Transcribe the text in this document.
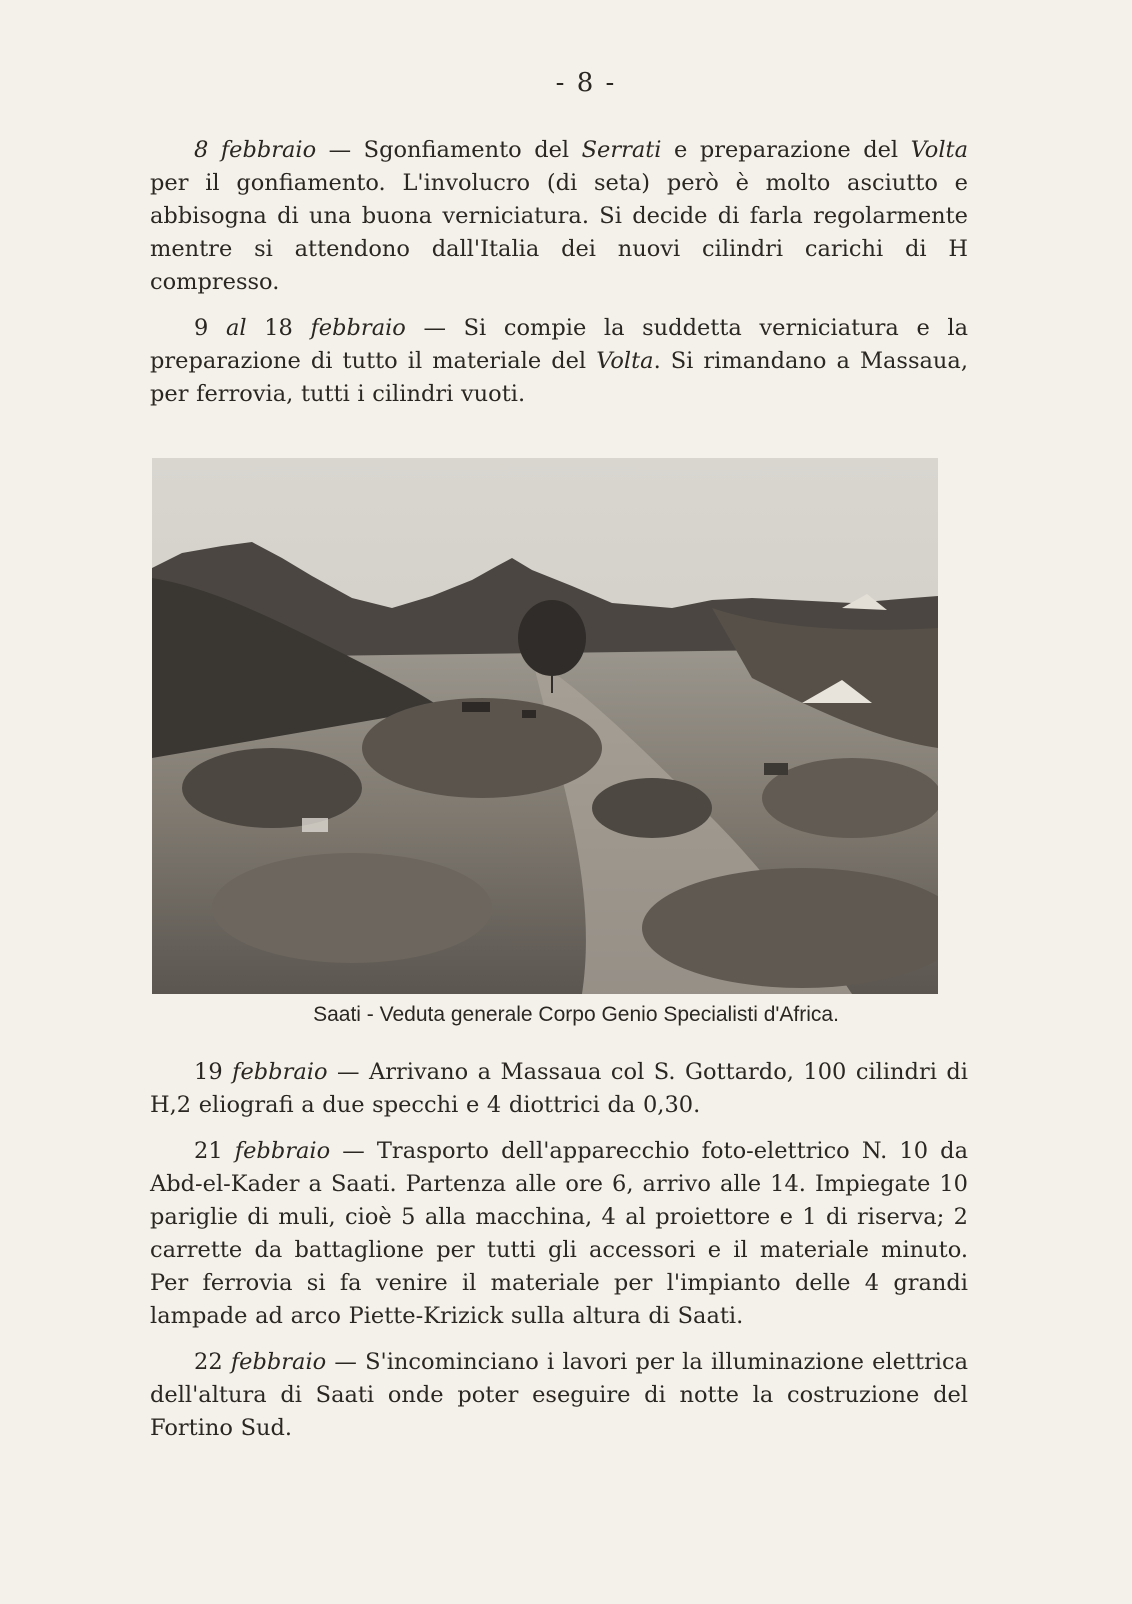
- 8 -

8 febbraio — Sgonfiamento del Serrati e preparazione del Volta per il gonfiamento. L'involucro (di seta) però è molto asciutto e abbisogna di una buona verniciatura. Si decide di farla regolarmente mentre si attendono dall'Italia dei nuovi cilindri carichi di H compresso.

9 al 18 febbraio — Si compie la suddetta verniciatura e la preparazione di tutto il materiale del Volta. Si rimandano a Massaua, per ferrovia, tutti i cilindri vuoti.

Saati - Veduta generale Corpo Genio Specialisti d'Africa.

19 febbraio — Arrivano a Massaua col S. Gottardo, 100 cilindri di H,2 eliografi a due specchi e 4 diottrici da 0,30.

21 febbraio — Trasporto dell'apparecchio foto-elettrico N. 10 da Abd-el-Kader a Saati. Partenza alle ore 6, arrivo alle 14. Impiegate 10 pariglie di muli, cioè 5 alla macchina, 4 al proiettore e 1 di riserva; 2 carrette da battaglione per tutti gli accessori e il materiale minuto. Per ferrovia si fa venire il materiale per l'impianto delle 4 grandi lampade ad arco Piette-Krizick sulla altura di Saati.

22 febbraio — S'incominciano i lavori per la illuminazione elettrica dell'altura di Saati onde poter eseguire di notte la costruzione del Fortino Sud.
